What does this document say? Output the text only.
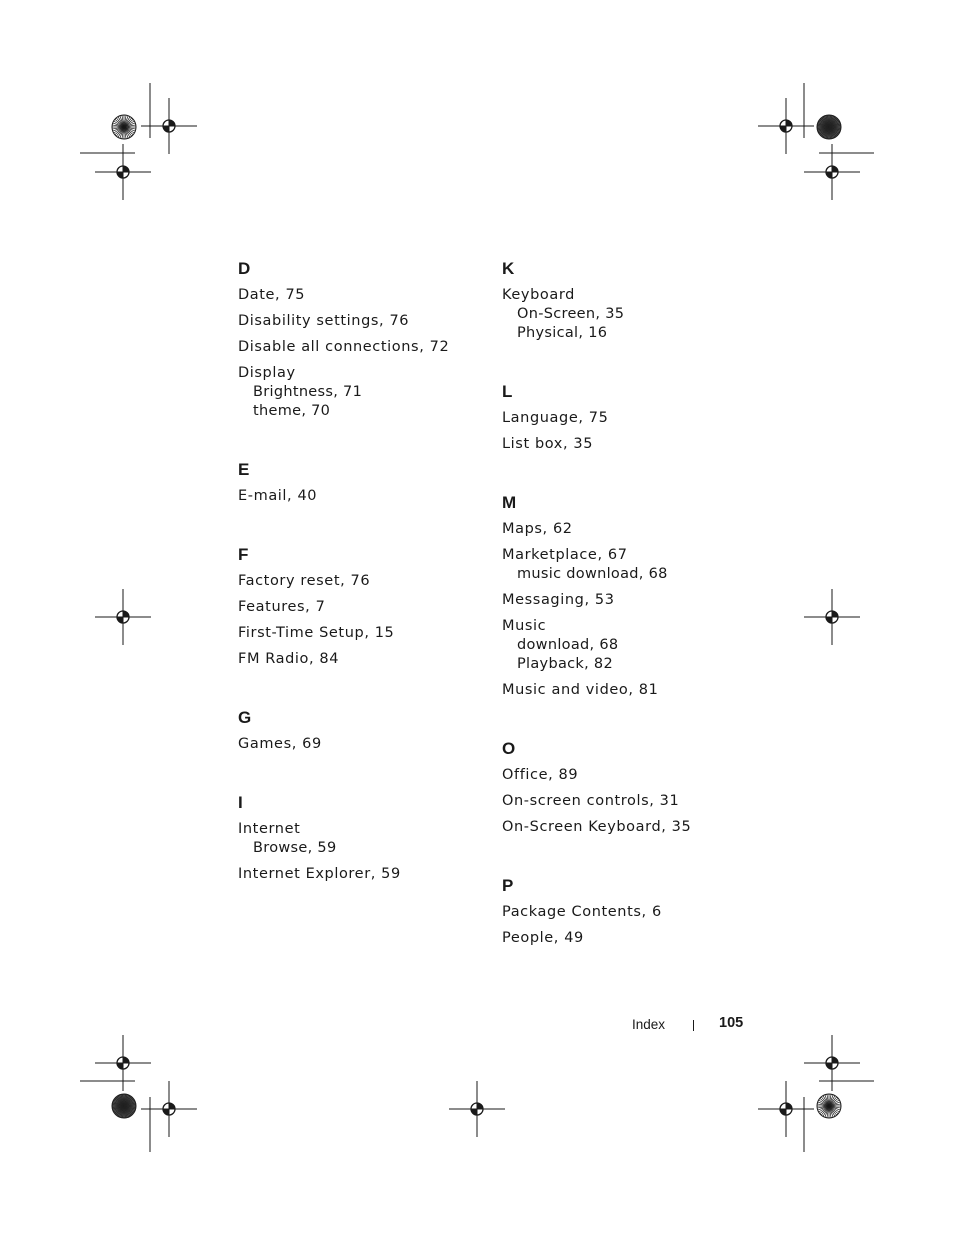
D
Date, 75
Disability settings, 76
Disable all connections, 72
Display
Brightness, 71
theme, 70
E
E-mail, 40
F
Factory reset, 76
Features, 7
First-Time Setup, 15
FM Radio, 84
G
Games, 69
I
Internet
Browse, 59
Internet Explorer, 59
K
Keyboard
On-Screen, 35
Physical, 16
L
Language, 75
List box, 35
M
Maps, 62
Marketplace, 67
music download, 68
Messaging, 53
Music
download, 68
Playback, 82
Music and video, 81
O
Office, 89
On-screen controls, 31
On-Screen Keyboard, 35
P
Package Contents, 6
People, 49
Index	105
